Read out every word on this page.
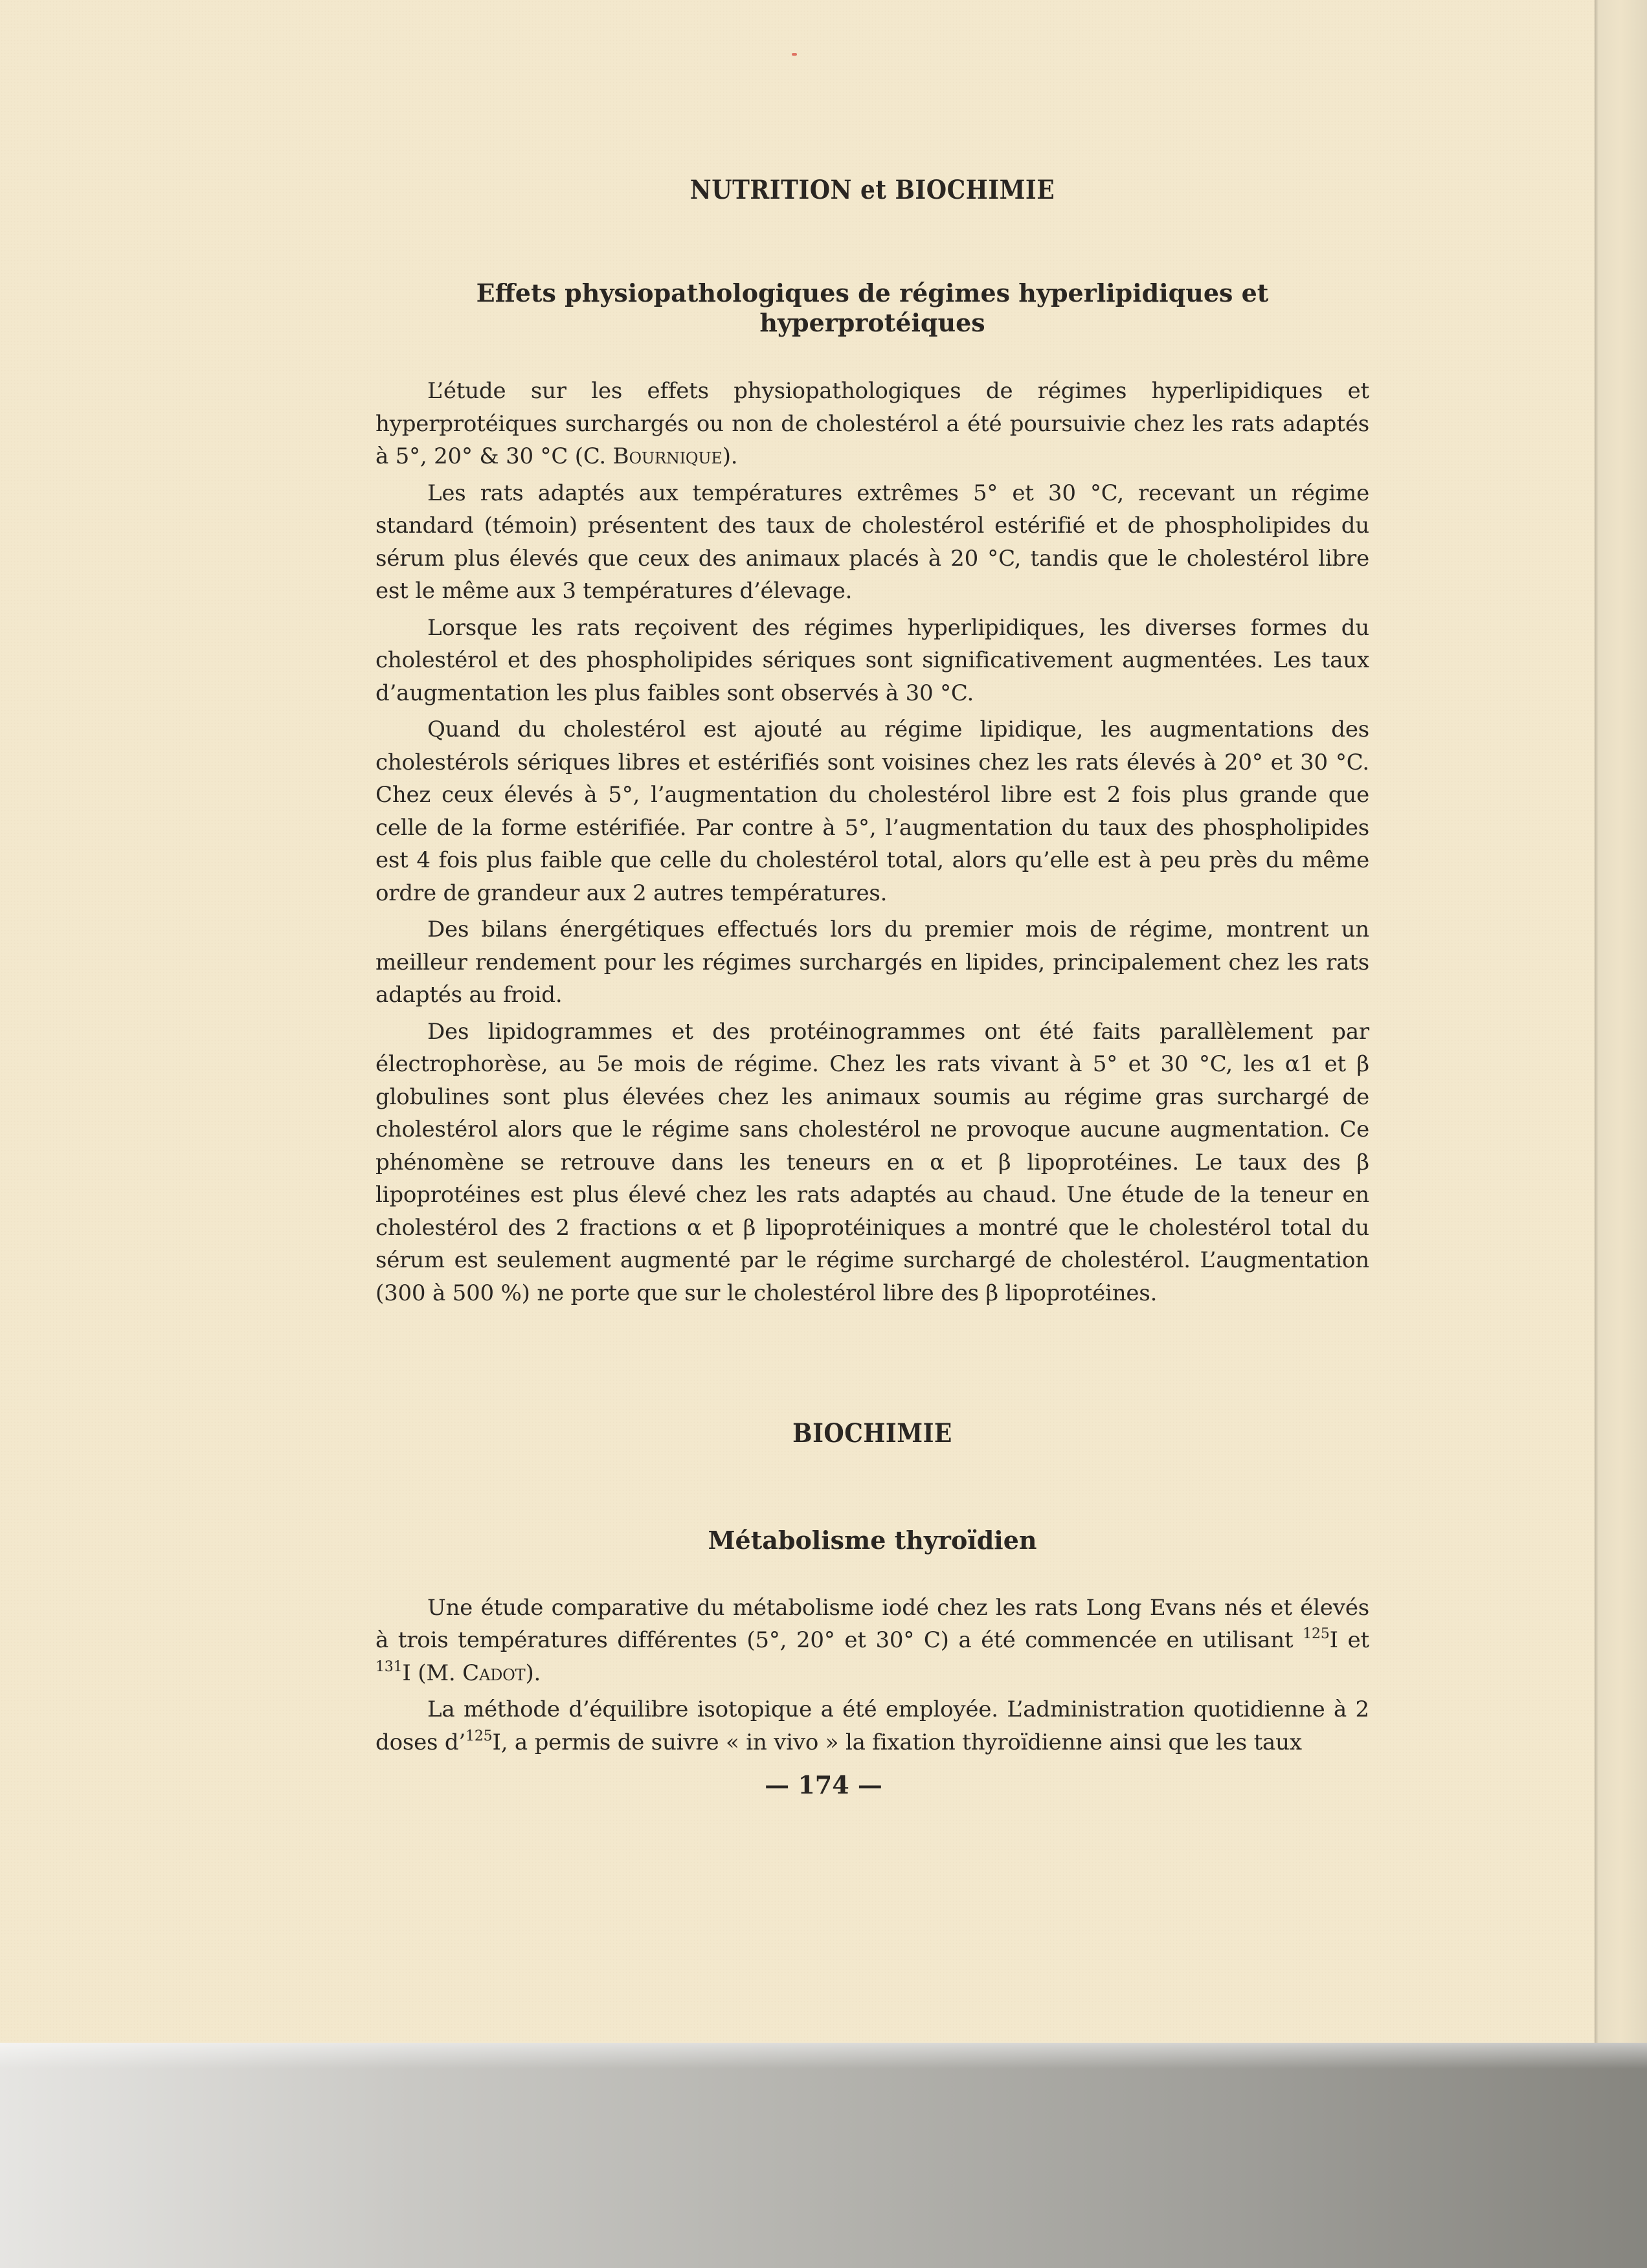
NUTRITION et BIOCHIMIE
Effets physiopathologiques de régimes hyperlipidiques et hyperprotéiques

L’étude sur les effets physiopathologiques de régimes hyperlipidiques et hyperprotéiques surchargés ou non de cholestérol a été poursuivie chez les rats adaptés à 5°, 20° & 30 °C (C. Bournique).

Les rats adaptés aux températures extrêmes 5° et 30 °C, recevant un régime standard (témoin) présentent des taux de cholestérol estérifié et de phospholipides du sérum plus élevés que ceux des animaux placés à 20 °C, tandis que le cholestérol libre est le même aux 3 températures d’élevage.

Lorsque les rats reçoivent des régimes hyperlipidiques, les diverses formes du cholestérol et des phospholipides sériques sont significativement augmentées. Les taux d’augmentation les plus faibles sont observés à 30 °C.

Quand du cholestérol est ajouté au régime lipidique, les augmentations des cholestérols sériques libres et estérifiés sont voisines chez les rats élevés à 20° et 30 °C. Chez ceux élevés à 5°, l’augmentation du cholestérol libre est 2 fois plus grande que celle de la forme estérifiée. Par contre à 5°, l’augmentation du taux des phospholipides est 4 fois plus faible que celle du cholestérol total, alors qu’elle est à peu près du même ordre de grandeur aux 2 autres températures.

Des bilans énergétiques effectués lors du premier mois de régime, montrent un meilleur rendement pour les régimes surchargés en lipides, principalement chez les rats adaptés au froid.

Des lipidogrammes et des protéinogrammes ont été faits parallèlement par électrophorèse, au 5e mois de régime. Chez les rats vivant à 5° et 30 °C, les α1 et β globulines sont plus élevées chez les animaux soumis au régime gras surchargé de cholestérol alors que le régime sans cholestérol ne provoque aucune augmentation. Ce phénomène se retrouve dans les teneurs en α et β lipoprotéines. Le taux des β lipoprotéines est plus élevé chez les rats adaptés au chaud. Une étude de la teneur en cholestérol des 2 fractions α et β lipoprotéiniques a montré que le cholestérol total du sérum est seulement augmenté par le régime surchargé de cholestérol. L’augmentation (300 à 500 %) ne porte que sur le cholestérol libre des β lipoprotéines.

BIOCHIMIE
Métabolisme thyroïdien

Une étude comparative du métabolisme iodé chez les rats Long Evans nés et élevés à trois températures différentes (5°, 20° et 30° C) a été commencée en utilisant $^{125}$I et $^{131}$I (M. Cadot).

La méthode d’équilibre isotopique a été employée. L’administration quotidienne à 2 doses d’$^{125}$I, a permis de suivre « in vivo » la fixation thyroïdienne ainsi que les taux

— 174 —
